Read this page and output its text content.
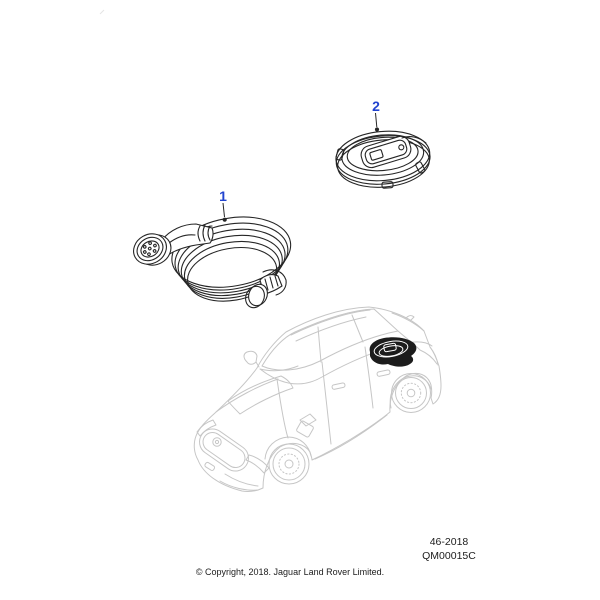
1
2
46-2018
QM00015C
© Copyright, 2018. Jaguar Land Rover Limited.
